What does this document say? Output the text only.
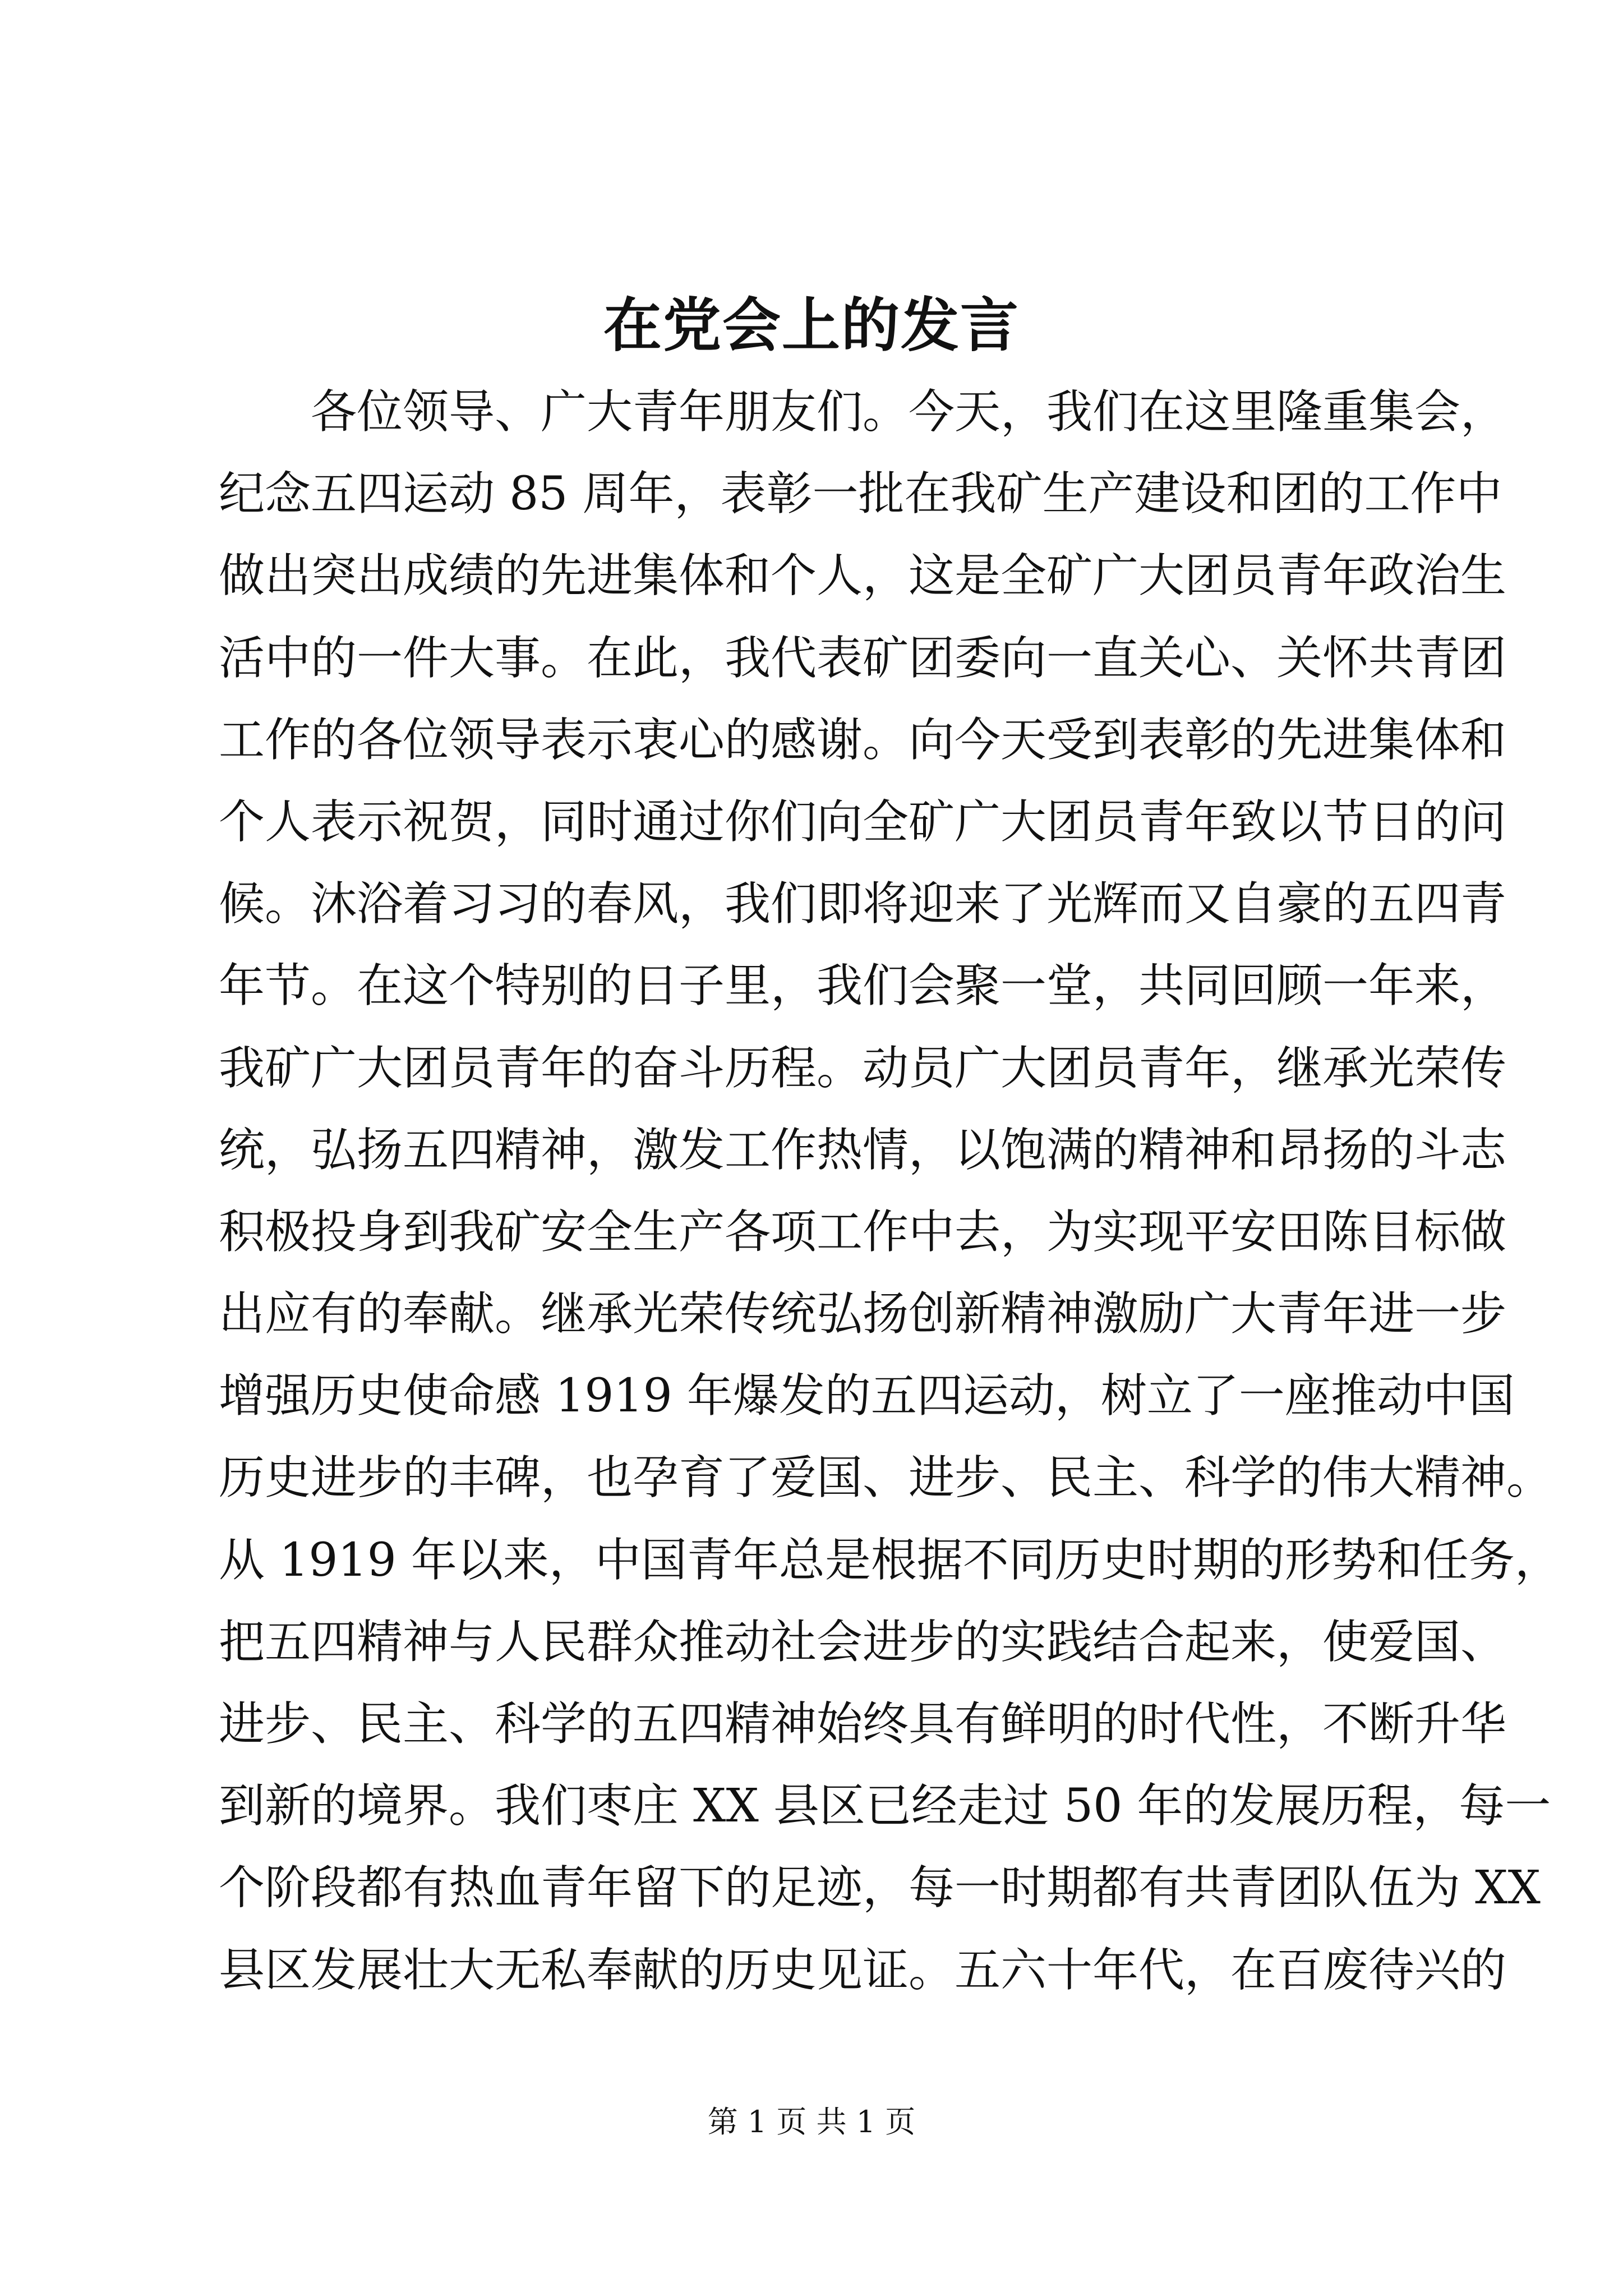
在党会上的发言
各位领导、广大青年朋友们。今天，我们在这里隆重集会，
纪念五四运动 85 周年，表彰一批在我矿生产建设和团的工作中
做出突出成绩的先进集体和个人，这是全矿广大团员青年政治生
活中的一件大事。在此，我代表矿团委向一直关心、关怀共青团
工作的各位领导表示衷心的感谢。向今天受到表彰的先进集体和
个人表示祝贺，同时通过你们向全矿广大团员青年致以节日的问
候。沐浴着习习的春风，我们即将迎来了光辉而又自豪的五四青
年节。在这个特别的日子里，我们会聚一堂，共同回顾一年来，
我矿广大团员青年的奋斗历程。动员广大团员青年，继承光荣传
统，弘扬五四精神，激发工作热情，以饱满的精神和昂扬的斗志
积极投身到我矿安全生产各项工作中去，为实现平安田陈目标做
出应有的奉献。继承光荣传统弘扬创新精神激励广大青年进一步
增强历史使命感 1919 年爆发的五四运动，树立了一座推动中国
历史进步的丰碑，也孕育了爱国、进步、民主、科学的伟大精神。
从 1919 年以来，中国青年总是根据不同历史时期的形势和任务，
把五四精神与人民群众推动社会进步的实践结合起来，使爱国、
进步、民主、科学的五四精神始终具有鲜明的时代性，不断升华
到新的境界。我们枣庄 XX 县区已经走过 50 年的发展历程，每一
个阶段都有热血青年留下的足迹，每一时期都有共青团队伍为 XX
县区发展壮大无私奉献的历史见证。五六十年代，在百废待兴的
第 1 页 共 1 页
